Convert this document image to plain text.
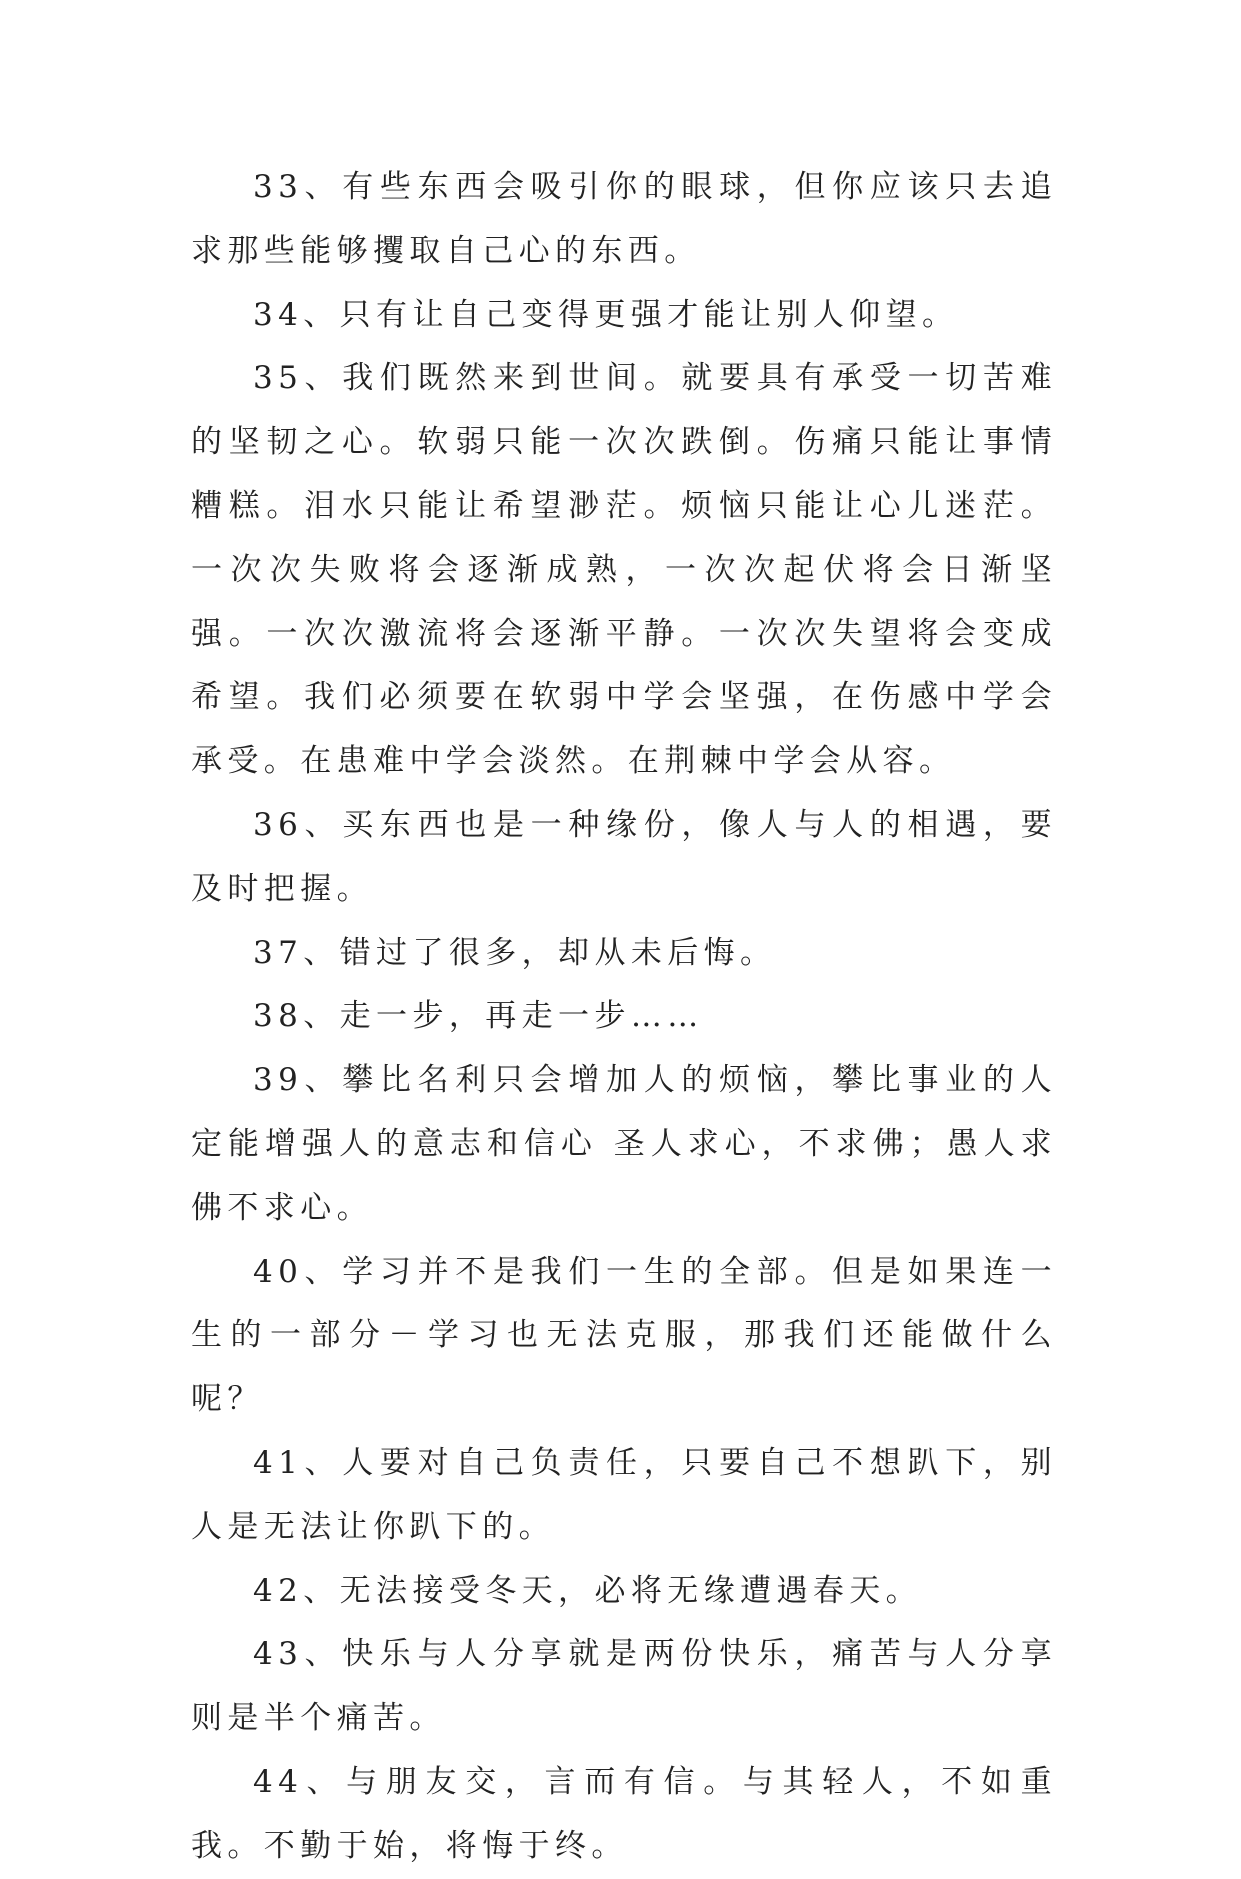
33、有些东西会吸引你的眼球，但你应该只去追求那些能够攫取自己心的东西。

34、只有让自己变得更强才能让别人仰望。

35、我们既然来到世间。就要具有承受一切苦难的坚韧之心。软弱只能一次次跌倒。伤痛只能让事情糟糕。泪水只能让希望渺茫。烦恼只能让心儿迷茫。一次次失败将会逐渐成熟，一次次起伏将会日渐坚强。一次次激流将会逐渐平静。一次次失望将会变成希望。我们必须要在软弱中学会坚强，在伤感中学会承受。在患难中学会淡然。在荆棘中学会从容。

36、买东西也是一种缘份，像人与人的相遇，要及时把握。

37、错过了很多，却从未后悔。

38、走一步，再走一步……

39、攀比名利只会增加人的烦恼，攀比事业的人定能增强人的意志和信心 圣人求心，不求佛；愚人求佛不求心。

40、学习并不是我们一生的全部。但是如果连一生的一部分－学习也无法克服，那我们还能做什么呢？

41、人要对自己负责任，只要自己不想趴下，别人是无法让你趴下的。

42、无法接受冬天，必将无缘遭遇春天。

43、快乐与人分享就是两份快乐，痛苦与人分享则是半个痛苦。

44、与朋友交，言而有信。与其轻人，不如重我。不勤于始，将悔于终。
